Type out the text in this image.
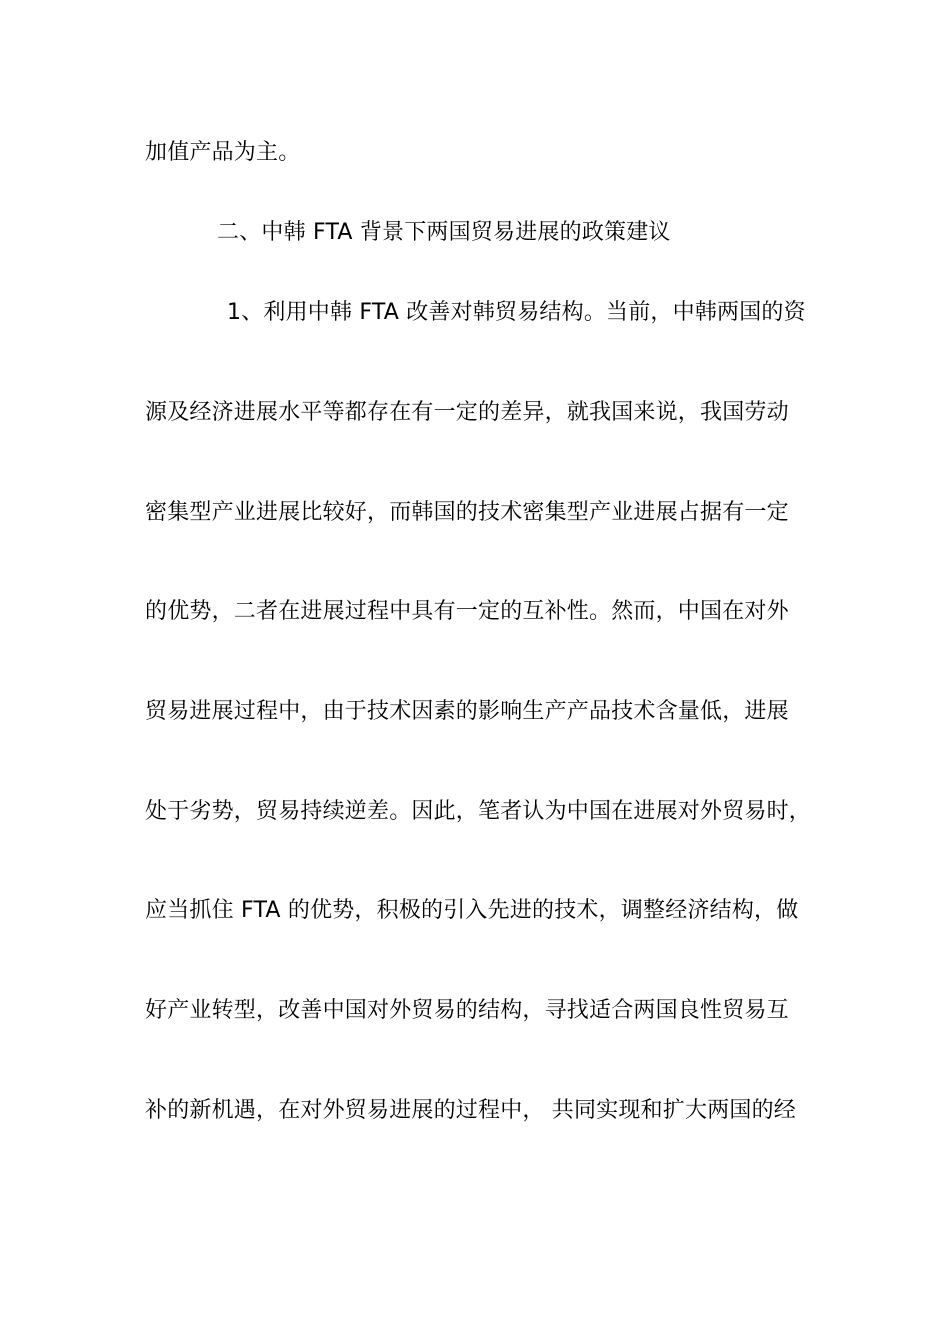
加值产品为主。
二、中韩 FTA 背景下两国贸易进展的政策建议
1、利用中韩 FTA 改善对韩贸易结构。当前，中韩两国的资
源及经济进展水平等都存在有一定的差异，就我国来说，我国劳动
密集型产业进展比较好，而韩国的技术密集型产业进展占据有一定
的优势，二者在进展过程中具有一定的互补性。然而，中国在对外
贸易进展过程中，由于技术因素的影响生产产品技术含量低，进展
处于劣势，贸易持续逆差。因此，笔者认为中国在进展对外贸易时，
应当抓住 FTA 的优势，积极的引入先进的技术，调整经济结构，做
好产业转型，改善中国对外贸易的结构，寻找适合两国良性贸易互
补的新机遇，在对外贸易进展的过程中， 共同实现和扩大两国的经
